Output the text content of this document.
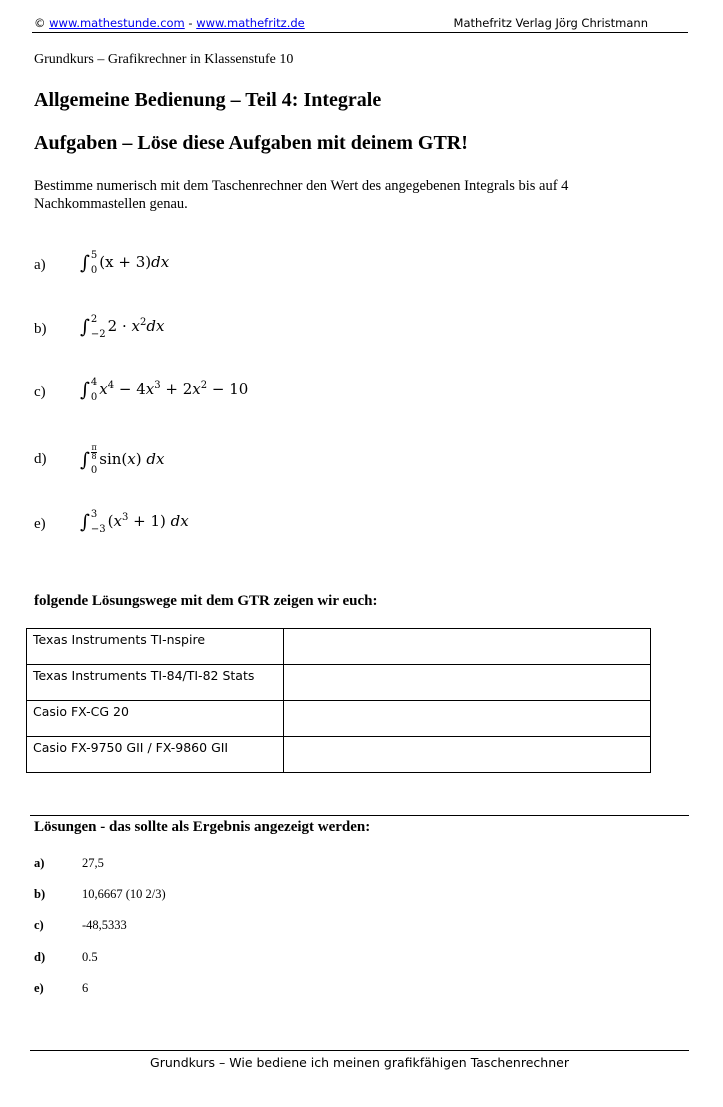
© www.mathestunde.com - www.mathefritz.de	Mathefritz Verlag Jörg Christmann
Grundkurs – Grafikrechner in Klassenstufe 10
Allgemeine Bedienung – Teil 4: Integrale
Aufgaben – Löse diese Aufgaben mit deinem GTR!
Bestimme numerisch mit dem Taschenrechner den Wert des angegebenen Integrals bis auf 4 Nachkommastellen genau.
a) ∫ 5
0 (x + 3)dx
b) ∫ 2
−2 $2 \cdot x^2dx$
c) ∫ 4
0 $x^4 - 4x^3 + 2x^2 - 10$
d) ∫ $\frac{\pi}{8}$
0
sin(x) dx
e) ∫ 3
−3 $(x^3 + 1)$ dx
folgende Lösungswege mit dem GTR zeigen wir euch:
Texas Instruments TI-nspire	
Texas Instruments TI-84/TI-82 Stats	
Casio FX-CG 20	
Casio FX-9750 GII / FX-9860 GII	
Lösungen - das sollte als Ergebnis angezeigt werden:
a)	27,5
b)	10,6667 (10 2/3)
c)	-48,5333
d)	0.5
e)	6
Grundkurs – Wie bediene ich meinen grafikfähigen Taschenrechner
